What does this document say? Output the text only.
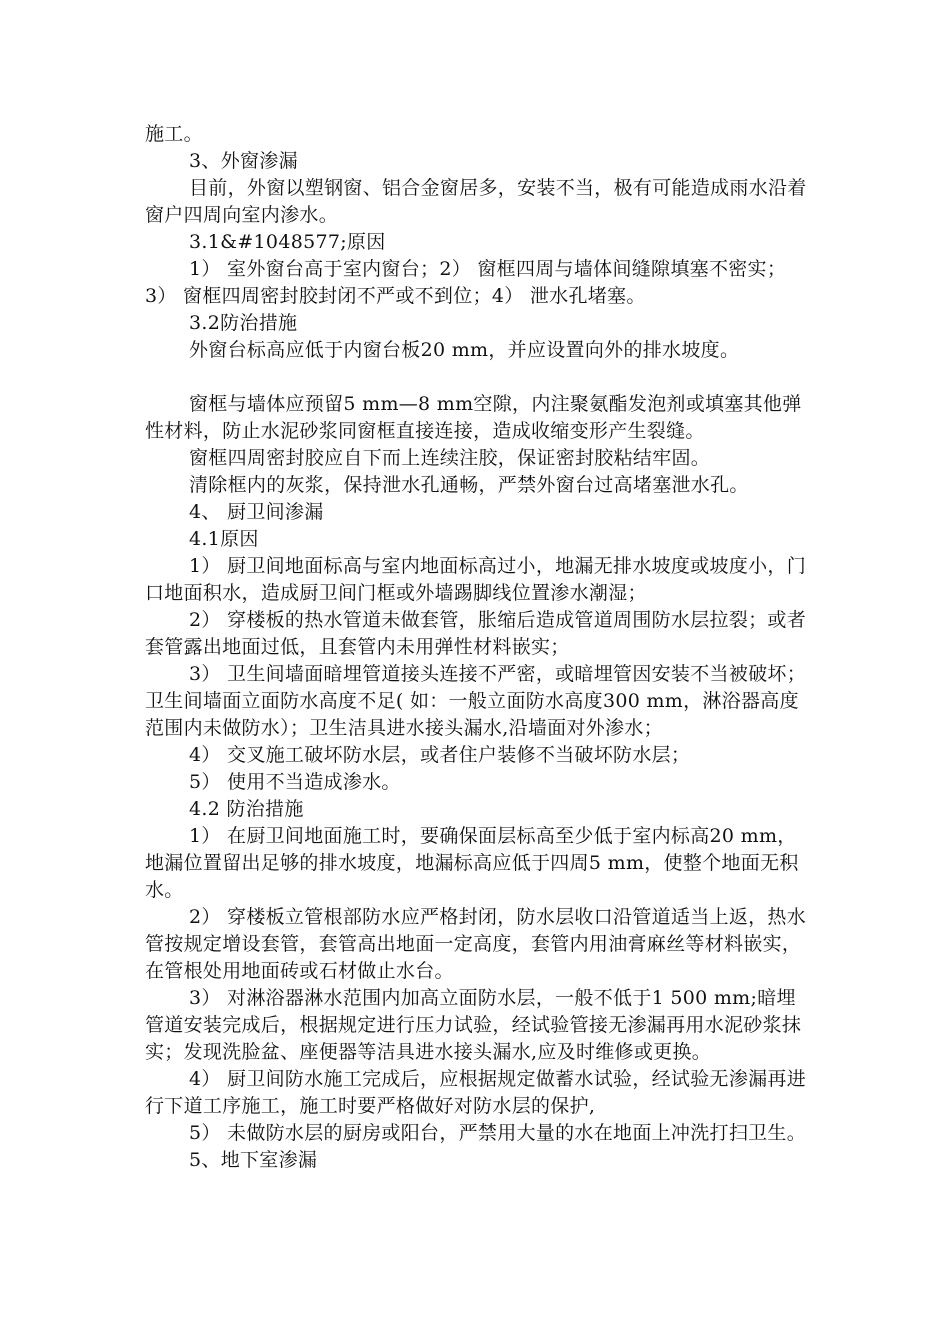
施工。

3、外窗渗漏

目前，外窗以塑钢窗、铝合金窗居多，安装不当，极有可能造成雨水沿着窗户四周向室内渗水。

3.1&#1048577;原因

1） 室外窗台高于室内窗台；2） 窗框四周与墙体间缝隙填塞不密实；3） 窗框四周密封胶封闭不严或不到位；4） 泄水孔堵塞。

3.2防治措施

外窗台标高应低于内窗台板20 mm，并应设置向外的排水坡度。

窗框与墙体应预留5 mm—8 mm空隙，内注聚氨酯发泡剂或填塞其他弹性材料，防止水泥砂浆同窗框直接连接，造成收缩变形产生裂缝。

窗框四周密封胶应自下而上连续注胶，保证密封胶粘结牢固。

清除框内的灰浆，保持泄水孔通畅，严禁外窗台过高堵塞泄水孔。

4、 厨卫间渗漏

4.1原因

1） 厨卫间地面标高与室内地面标高过小，地漏无排水坡度或坡度小，门口地面积水，造成厨卫间门框或外墙踢脚线位置渗水潮湿；

2） 穿楼板的热水管道未做套管，胀缩后造成管道周围防水层拉裂；或者套管露出地面过低，且套管内未用弹性材料嵌实；

3） 卫生间墙面暗埋管道接头连接不严密，或暗埋管因安装不当被破坏；卫生间墙面立面防水高度不足( 如：一般立面防水高度300 mm，淋浴器高度范围内未做防水）；卫生洁具进水接头漏水,沿墙面对外渗水；

4） 交叉施工破坏防水层，或者住户装修不当破坏防水层；

5） 使用不当造成渗水。

4.2 防治措施

1） 在厨卫间地面施工时，要确保面层标高至少低于室内标高20 mm，地漏位置留出足够的排水坡度，地漏标高应低于四周5 mm，使整个地面无积水。

2） 穿楼板立管根部防水应严格封闭，防水层收口沿管道适当上返，热水管按规定增设套管，套管高出地面一定高度，套管内用油膏麻丝等材料嵌实，在管根处用地面砖或石材做止水台。

3） 对淋浴器淋水范围内加高立面防水层，一般不低于1 500 mm;暗埋管道安装完成后，根据规定进行压力试验，经试验管接无渗漏再用水泥砂浆抹实；发现洗脸盆、座便器等洁具进水接头漏水,应及时维修或更换。

4） 厨卫间防水施工完成后，应根据规定做蓄水试验，经试验无渗漏再进行下道工序施工，施工时要严格做好对防水层的保护,

5） 未做防水层的厨房或阳台，严禁用大量的水在地面上冲洗打扫卫生。

5、地下室渗漏
